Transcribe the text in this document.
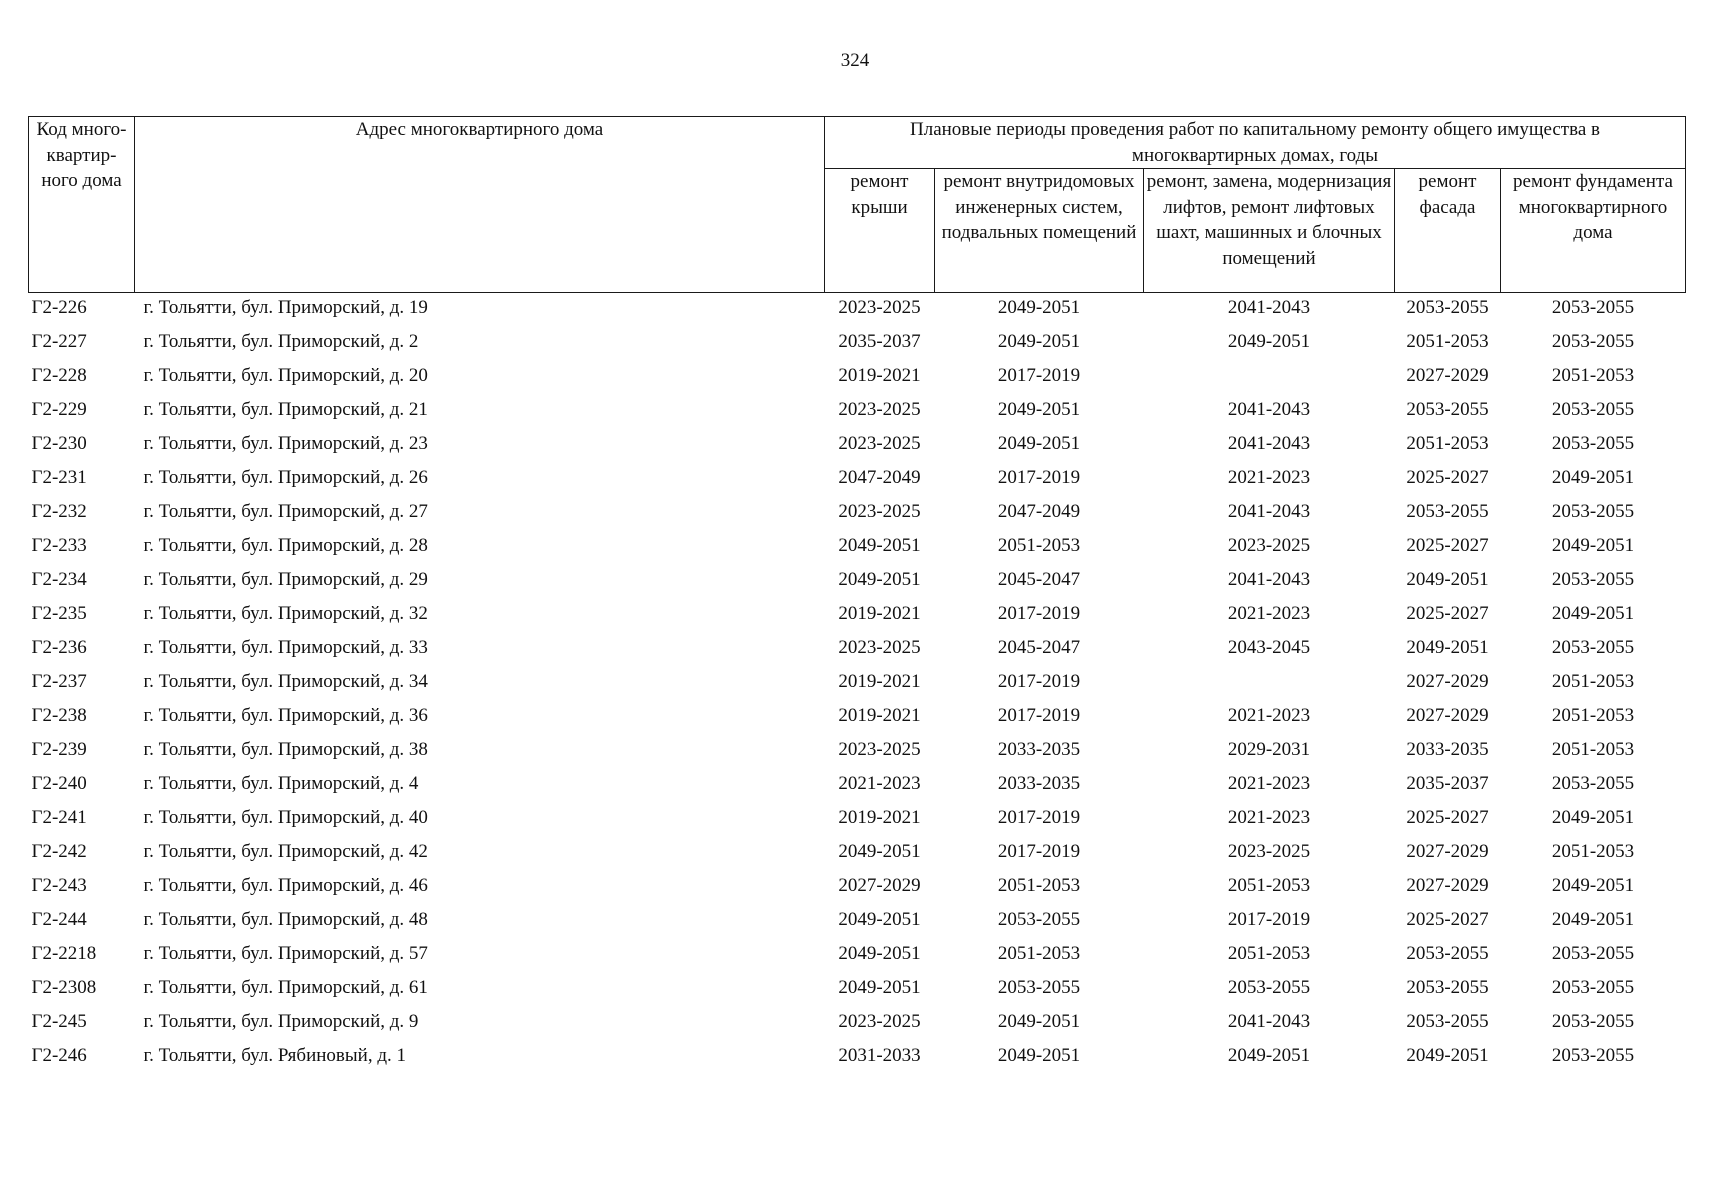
324
Код много-квартир-ного дома	Адрес многоквартирного дома	Плановые периоды проведения работ по капитальному ремонту общего имущества в многоквартирных домах, годы				
		ремонт крыши	ремонт внутридомовых инженерных систем, подвальных помещений	ремонт, замена, модернизация лифтов, ремонт лифтовых шахт, машинных и блочных помещений	ремонт фасада	ремонт фундамента многоквартирного дома
Г2-226	г. Тольятти, бул. Приморский, д. 19	2023-2025	2049-2051	2041-2043	2053-2055	2053-2055
Г2-227	г. Тольятти, бул. Приморский, д. 2	2035-2037	2049-2051	2049-2051	2051-2053	2053-2055
Г2-228	г. Тольятти, бул. Приморский, д. 20	2019-2021	2017-2019		2027-2029	2051-2053
Г2-229	г. Тольятти, бул. Приморский, д. 21	2023-2025	2049-2051	2041-2043	2053-2055	2053-2055
Г2-230	г. Тольятти, бул. Приморский, д. 23	2023-2025	2049-2051	2041-2043	2051-2053	2053-2055
Г2-231	г. Тольятти, бул. Приморский, д. 26	2047-2049	2017-2019	2021-2023	2025-2027	2049-2051
Г2-232	г. Тольятти, бул. Приморский, д. 27	2023-2025	2047-2049	2041-2043	2053-2055	2053-2055
Г2-233	г. Тольятти, бул. Приморский, д. 28	2049-2051	2051-2053	2023-2025	2025-2027	2049-2051
Г2-234	г. Тольятти, бул. Приморский, д. 29	2049-2051	2045-2047	2041-2043	2049-2051	2053-2055
Г2-235	г. Тольятти, бул. Приморский, д. 32	2019-2021	2017-2019	2021-2023	2025-2027	2049-2051
Г2-236	г. Тольятти, бул. Приморский, д. 33	2023-2025	2045-2047	2043-2045	2049-2051	2053-2055
Г2-237	г. Тольятти, бул. Приморский, д. 34	2019-2021	2017-2019		2027-2029	2051-2053
Г2-238	г. Тольятти, бул. Приморский, д. 36	2019-2021	2017-2019	2021-2023	2027-2029	2051-2053
Г2-239	г. Тольятти, бул. Приморский, д. 38	2023-2025	2033-2035	2029-2031	2033-2035	2051-2053
Г2-240	г. Тольятти, бул. Приморский, д. 4	2021-2023	2033-2035	2021-2023	2035-2037	2053-2055
Г2-241	г. Тольятти, бул. Приморский, д. 40	2019-2021	2017-2019	2021-2023	2025-2027	2049-2051
Г2-242	г. Тольятти, бул. Приморский, д. 42	2049-2051	2017-2019	2023-2025	2027-2029	2051-2053
Г2-243	г. Тольятти, бул. Приморский, д. 46	2027-2029	2051-2053	2051-2053	2027-2029	2049-2051
Г2-244	г. Тольятти, бул. Приморский, д. 48	2049-2051	2053-2055	2017-2019	2025-2027	2049-2051
Г2-2218	г. Тольятти, бул. Приморский, д. 57	2049-2051	2051-2053	2051-2053	2053-2055	2053-2055
Г2-2308	г. Тольятти, бул. Приморский, д. 61	2049-2051	2053-2055	2053-2055	2053-2055	2053-2055
Г2-245	г. Тольятти, бул. Приморский, д. 9	2023-2025	2049-2051	2041-2043	2053-2055	2053-2055
Г2-246	г. Тольятти, бул. Рябиновый, д. 1	2031-2033	2049-2051	2049-2051	2049-2051	2053-2055
